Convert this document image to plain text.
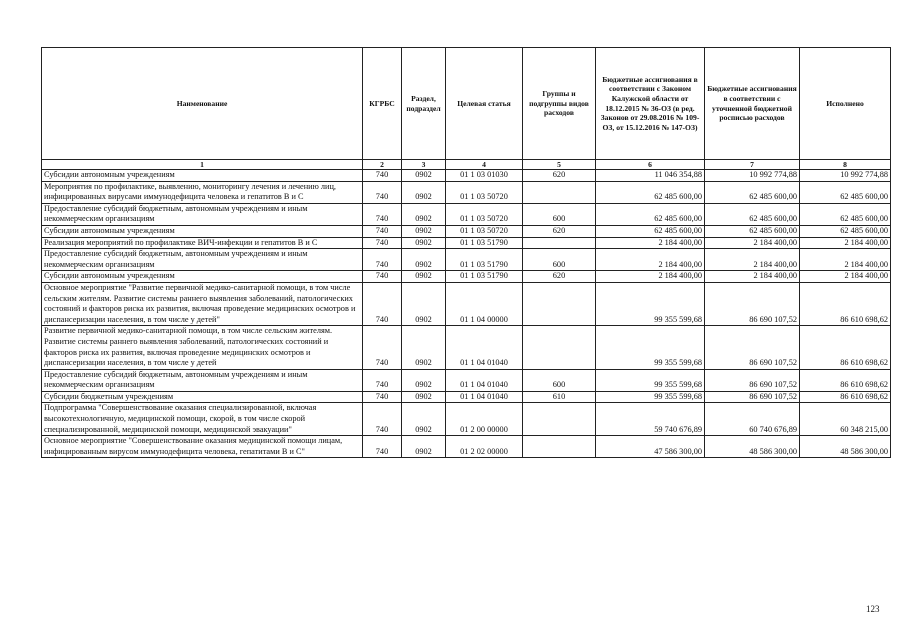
Наименование	КГРБС	Раздел, подраздел	Целевая статья	Группы и подгруппы видов расходов	Бюджетные ассигнования в соответствии с Законом Калужской области от 18.12.2015 № 36-ОЗ (в ред. Законов от 29.08.2016 № 109-ОЗ, от 15.12.2016 № 147-ОЗ)	Бюджетные ассигнования в соответствии с уточненной бюджетной росписью расходов	Исполнено
1	2	3	4	5	6	7	8
Субсидии автономным учреждениям	740	0902	01 1 03 01030	620	11 046 354,88	10 992 774,88	10 992 774,88
Мероприятия по профилактике, выявлению, мониторингу лечения и лечению лиц, инфицированных вирусами иммунодефицита человека и гепатитов В и С	740	0902	01 1 03 50720		62 485 600,00	62 485 600,00	62 485 600,00
Предоставление субсидий бюджетным, автономным учреждениям и иным некоммерческим организациям	740	0902	01 1 03 50720	600	62 485 600,00	62 485 600,00	62 485 600,00
Субсидии автономным учреждениям	740	0902	01 1 03 50720	620	62 485 600,00	62 485 600,00	62 485 600,00
Реализация мероприятий по профилактике ВИЧ-инфекции и гепатитов В и С	740	0902	01 1 03 51790		2 184 400,00	2 184 400,00	2 184 400,00
Предоставление субсидий бюджетным, автономным учреждениям и иным некоммерческим организациям	740	0902	01 1 03 51790	600	2 184 400,00	2 184 400,00	2 184 400,00
Субсидии автономным учреждениям	740	0902	01 1 03 51790	620	2 184 400,00	2 184 400,00	2 184 400,00
Основное мероприятие "Развитие первичной медико-санитарной помощи, в том числе сельским жителям. Развитие системы раннего выявления заболеваний, патологических состояний и факторов риска их развития, включая проведение медицинских осмотров и диспансеризации населения, в том числе у детей"	740	0902	01 1 04 00000		99 355 599,68	86 690 107,52	86 610 698,62
Развитие первичной медико-санитарной помощи, в том числе сельским жителям. Развитие системы раннего выявления заболеваний, патологических состояний и факторов риска их развития, включая проведение медицинских осмотров и диспансеризации населения, в том числе у детей	740	0902	01 1 04 01040		99 355 599,68	86 690 107,52	86 610 698,62
Предоставление субсидий бюджетным, автономным учреждениям и иным некоммерческим организациям	740	0902	01 1 04 01040	600	99 355 599,68	86 690 107,52	86 610 698,62
Субсидии бюджетным учреждениям	740	0902	01 1 04 01040	610	99 355 599,68	86 690 107,52	86 610 698,62
Подпрограмма "Совершенствование оказания специализированной, включая высокотехнологичную, медицинской помощи, скорой, в том числе скорой специализированной, медицинской помощи, медицинской эвакуации"	740	0902	01 2 00 00000		59 740 676,89	60 740 676,89	60 348 215,00
Основное мероприятие "Совершенствование оказания медицинской помощи лицам, инфицированным вирусом иммунодефицита человека, гепатитами В и С"	740	0902	01 2 02 00000		47 586 300,00	48 586 300,00	48 586 300,00
123
